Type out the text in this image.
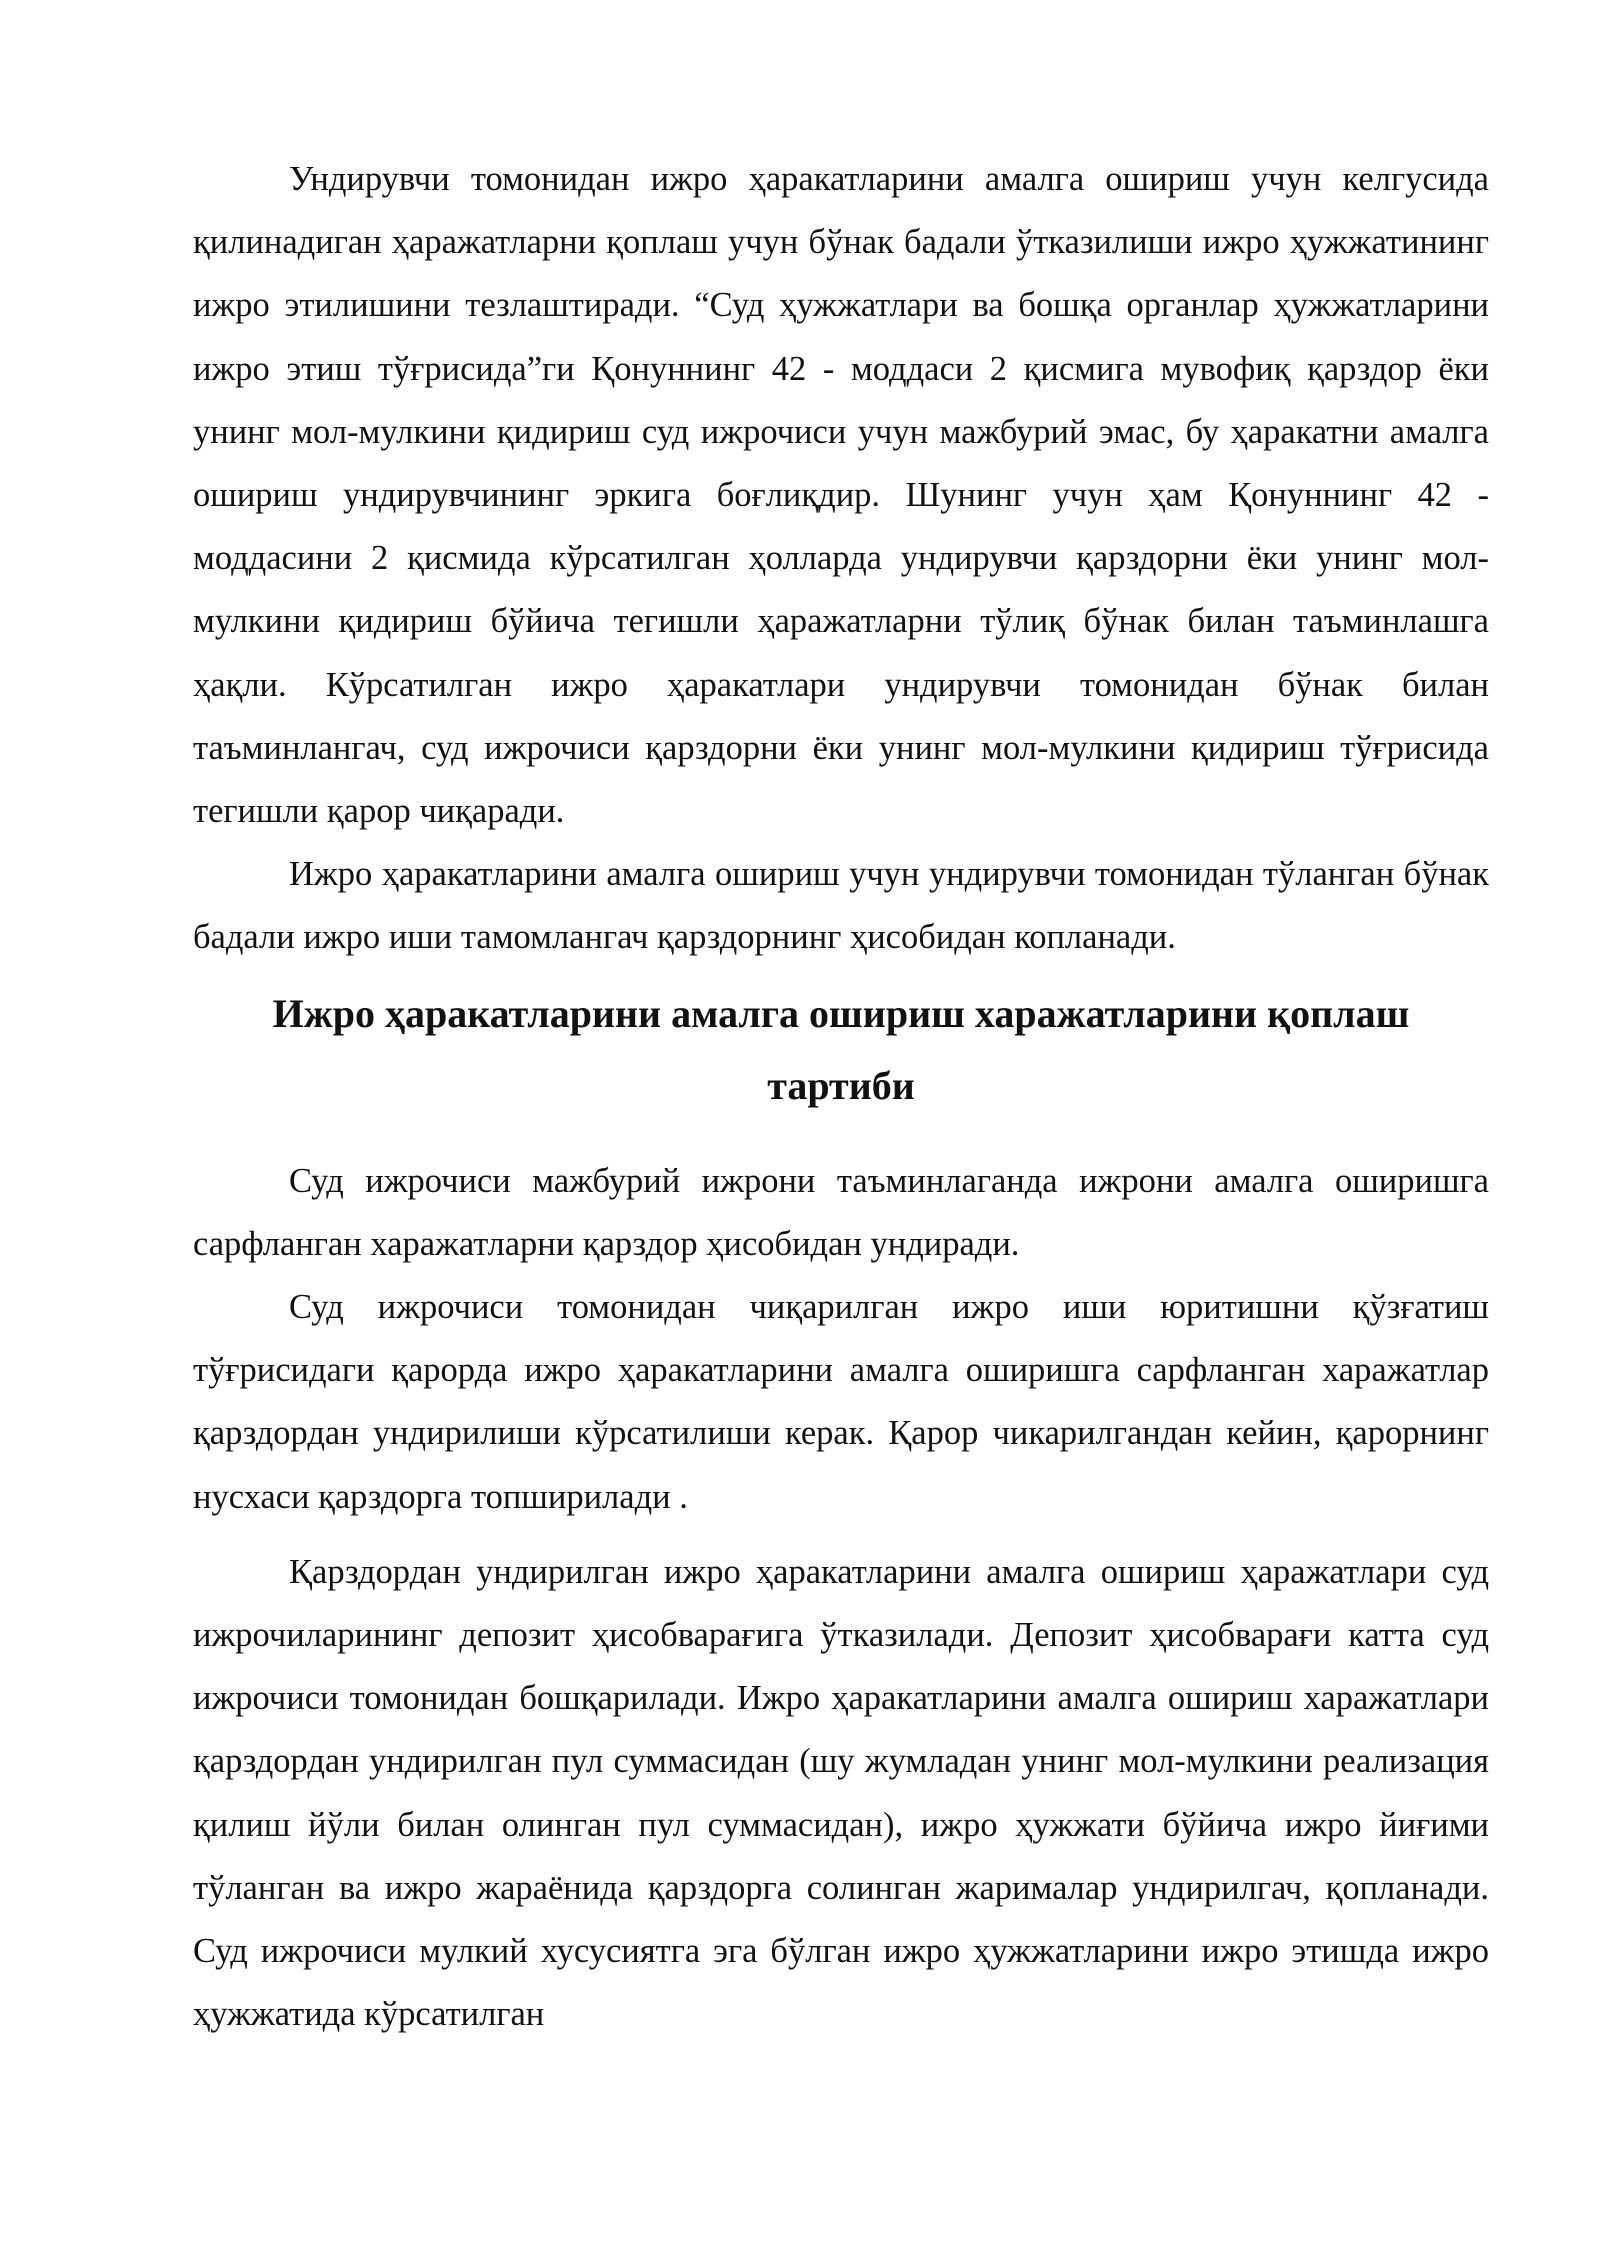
Ундирувчи томонидан ижро ҳаракатларини амалга ошириш учун келгусида қилинадиган ҳаражатларни қоплаш учун бўнак бадали ўтказилиши ижро ҳужжатининг ижро этилишини тезлаштиради. “Суд ҳужжатлари ва бошқа органлар ҳужжатларини ижро этиш тўғрисида”ги Қонуннинг 42 - моддаси 2 қисмига мувофиқ қарздор ёки унинг мол-мулкини қидириш суд ижрочиси учун мажбурий эмас, бу ҳаракатни амалга ошириш ундирувчининг эркига боғлиқдир. Шунинг учун ҳам Қонуннинг 42 - моддасини 2 қисмида кўрсатилган ҳолларда ундирувчи қарздорни ёки унинг мол-мулкини қидириш бўйича тегишли ҳаражатларни тўлиқ бўнак билан таъминлашга ҳақли. Кўрсатилган ижро ҳаракатлари ундирувчи томонидан бўнак билан таъминлангач, суд ижрочиси қарздорни ёки унинг мол-мулкини қидириш тўғрисида тегишли қарор чиқаради.

Ижро ҳаракатларини амалга ошириш учун ундирувчи томонидан тўланган бўнак бадали ижро иши тамомлангач қарздорнинг ҳисобидан копланади.

Ижро ҳаракатларини амалга ошириш харажатларини қоплаш
тартиби

Суд ижрочиси мажбурий ижрони таъминлаганда ижрони амалга оширишга сарфланган харажатларни қарздор ҳисобидан ундиради.

Суд ижрочиси томонидан чиқарилган ижро иши юритишни қўзғатиш тўғрисидаги қарорда ижро ҳаракатларини амалга оширишга сарфланган харажатлар қарздордан ундирилиши кўрсатилиши керак. Қарор чикарилгандан кейин, қарорнинг нусхаси қарздорга топширилади .

Қарздордан ундирилган ижро ҳаракатларини амалга ошириш ҳаражатлари суд ижрочиларининг депозит ҳисобварағига ўтказилади. Депозит ҳисобварағи катта суд ижрочиси томонидан бошқарилади. Ижро ҳаракатларини амалга ошириш харажатлари қарздордан ундирилган пул суммасидан (шу жумладан унинг мол-мулкини реализация қилиш йўли билан олинган пул суммасидан), ижро ҳужжати бўйича ижро йиғими тўланган ва ижро жараёнида қарздорга солинган жарималар ундирилгач, қопланади. Суд ижрочиси мулкий хусусиятга эга бўлган ижро ҳужжатларини ижро этишда ижро ҳужжатида кўрсатилган
